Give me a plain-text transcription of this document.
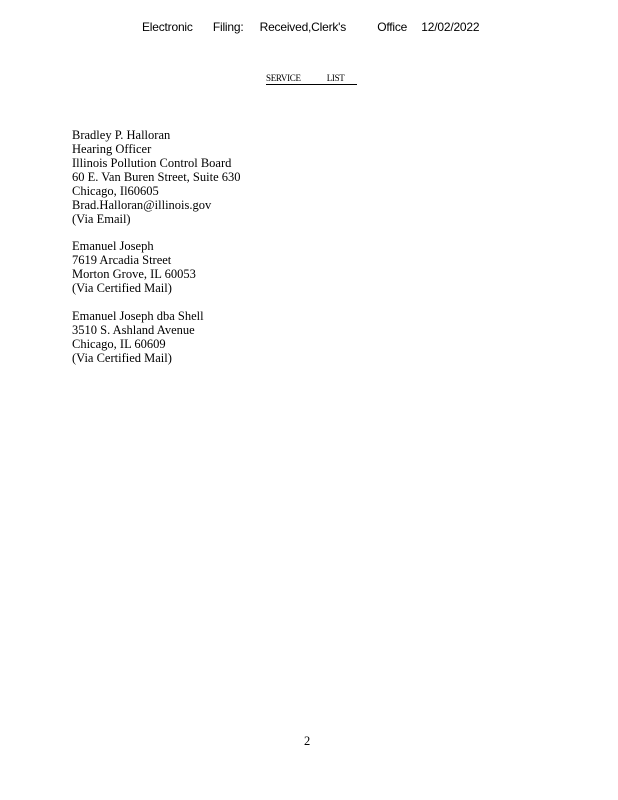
Electronic Filing: Received,Clerk's	Office 12/02/2022
SERVICE	LIST
Bradley P. Halloran
Hearing Officer
Illinois Pollution Control Board
60 E. Van Buren Street, Suite 630
Chicago, Il60605
Brad.Halloran@illinois.gov
(Via Email)
Emanuel Joseph
7619 Arcadia Street
Morton Grove, IL 60053
(Via Certified Mail)
Emanuel Joseph dba Shell
3510 S. Ashland Avenue
Chicago, IL 60609
(Via Certified Mail)
2
